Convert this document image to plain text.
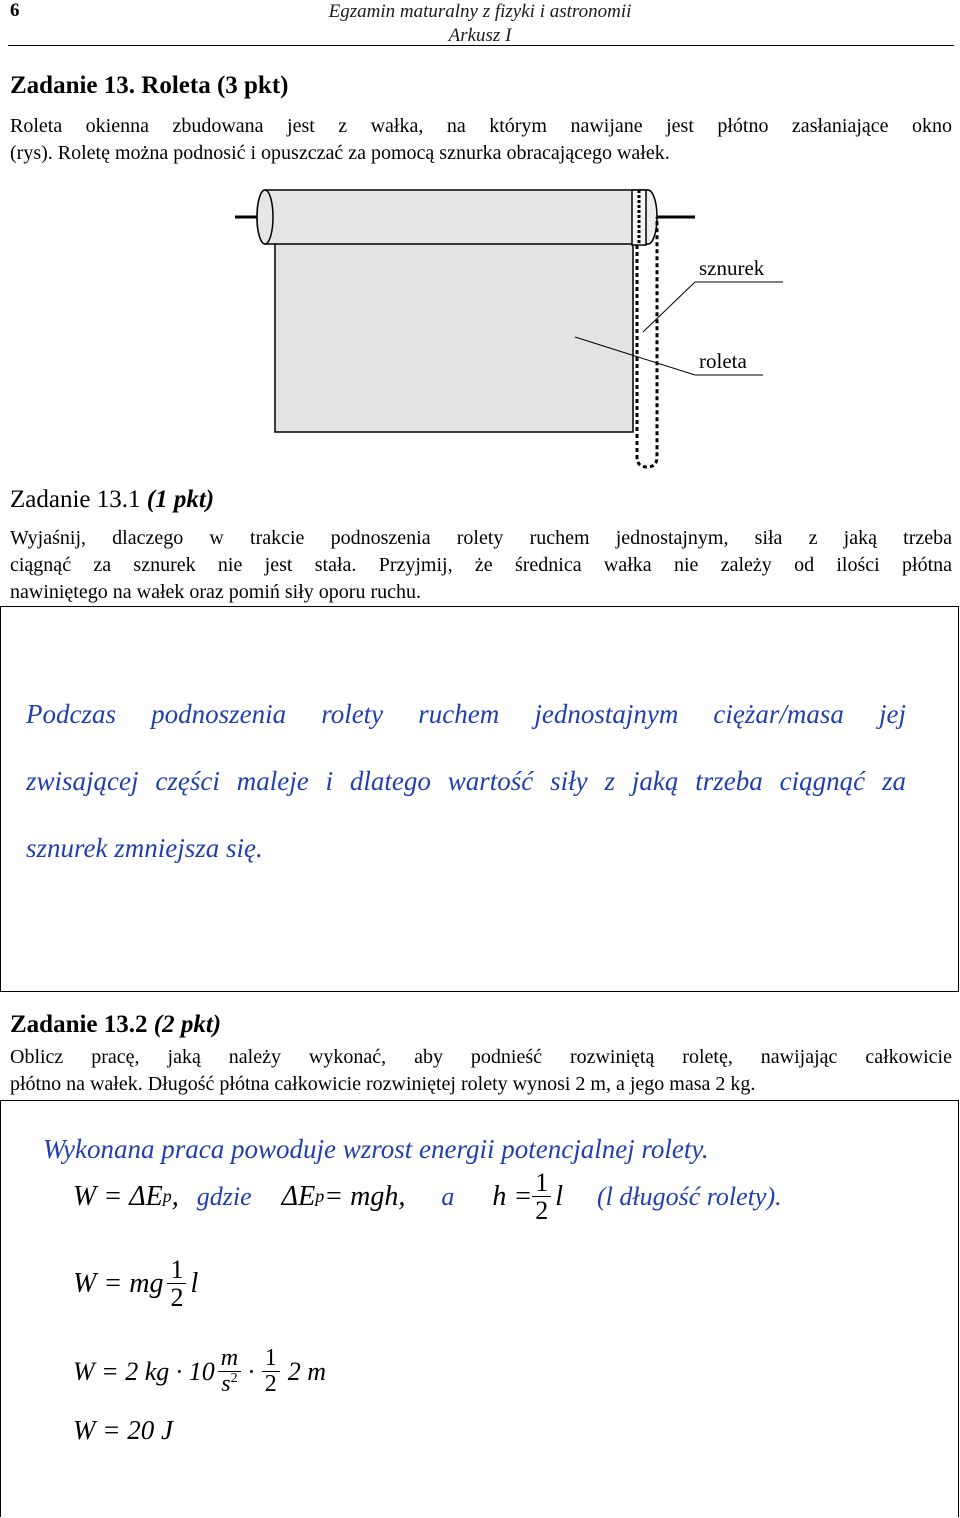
6	Egzamin maturalny z fizyki i astronomii
Arkusz I
Zadanie 13. Roleta (3 pkt)
Roleta okienna zbudowana jest z wałka, na którym nawijane jest płótno zasłaniające okno
(rys). Roletę można podnosić i opuszczać za pomocą sznurka obracającego wałek.
sznurek
roleta
Zadanie 13.1 (1 pkt)
Wyjaśnij, dlaczego w trakcie podnoszenia rolety ruchem jednostajnym, siła z jaką trzeba
ciągnąć za sznurek nie jest stała. Przyjmij, że średnica wałka nie zależy od ilości płótna
nawiniętego na wałek oraz pomiń siły oporu ruchu.
Podczas podnoszenia rolety ruchem jednostajnym ciężar/masa jej
zwisającej części maleje i dlatego wartość siły z jaką trzeba ciągnąć za
sznurek zmniejsza się.
Zadanie 13.2 (2 pkt)
Oblicz pracę, jaką należy wykonać, aby podnieść rozwiniętą roletę, nawijając całkowicie
płótno na wałek. Długość płótna całkowicie rozwiniętej rolety wynosi 2 m, a jego masa 2 kg.
Wykonana praca powoduje wzrost energii potencjalnej rolety.
W = ΔE p , gdzie ΔE p = mgh , a $h = \frac{1}{2}$ l (l długość rolety).
W = mg $\frac{1}{2}$ l
W = 2 kg · $10 \frac{m}{s^2} \cdot \frac{1}{2} 2$ m
W = 20 J
